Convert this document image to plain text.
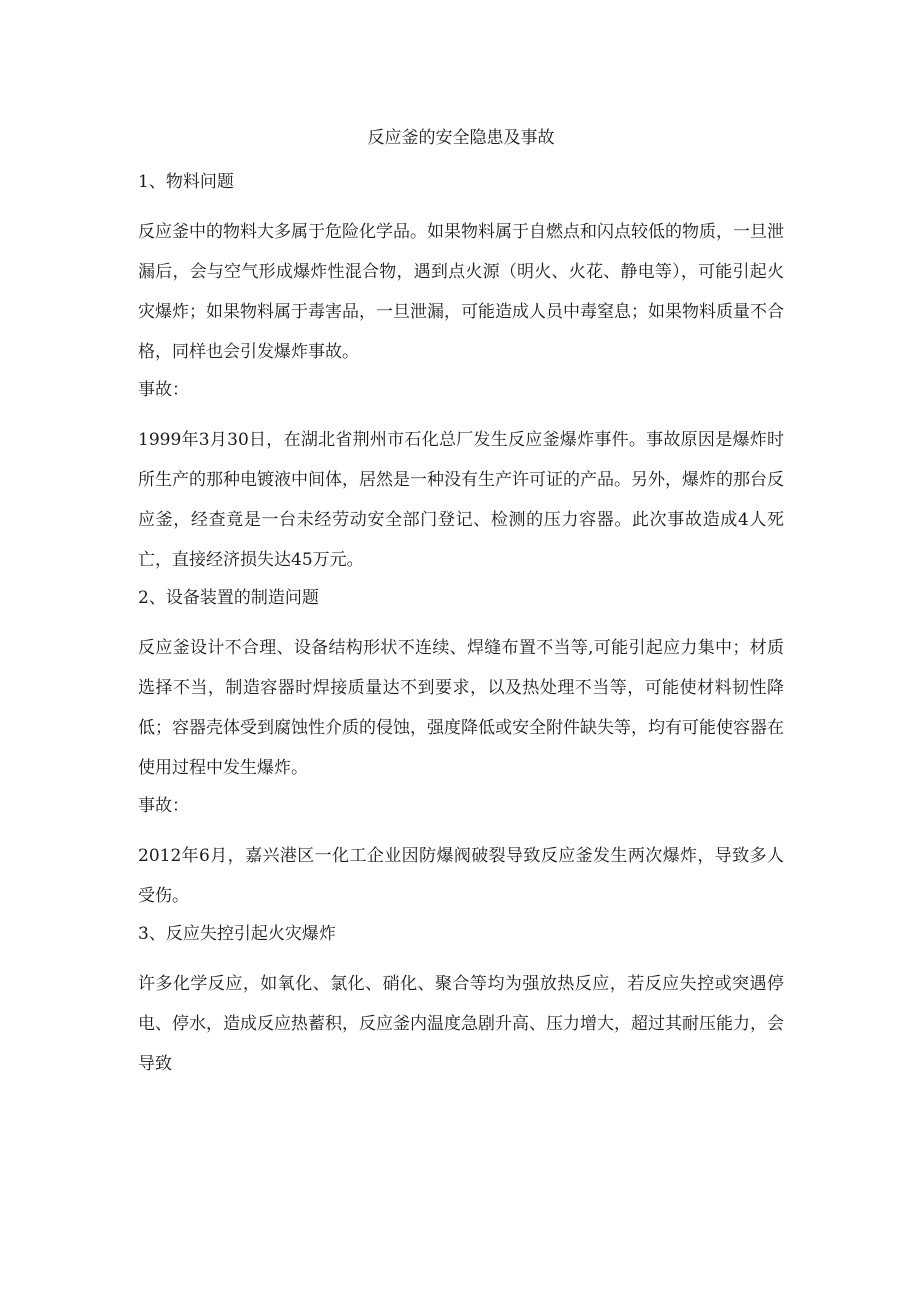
反应釜的安全隐患及事故

1、物料问题

反应釜中的物料大多属于危险化学品。如果物料属于自燃点和闪点较低的物质，一旦泄漏后，会与空气形成爆炸性混合物，遇到点火源（明火、火花、静电等），可能引起火灾爆炸；如果物料属于毒害品，一旦泄漏，可能造成人员中毒窒息；如果物料质量不合格，同样也会引发爆炸事故。

事故：

1999年3月30日，在湖北省荆州市石化总厂发生反应釜爆炸事件。事故原因是爆炸时所生产的那种电镀液中间体，居然是一种没有生产许可证的产品。另外，爆炸的那台反应釜，经查竟是一台未经劳动安全部门登记、检测的压力容器。此次事故造成4人死亡，直接经济损失达45万元。

2、设备装置的制造问题

反应釜设计不合理、设备结构形状不连续、焊缝布置不当等,可能引起应力集中；材质选择不当，制造容器时焊接质量达不到要求，以及热处理不当等，可能使材料韧性降低；容器壳体受到腐蚀性介质的侵蚀，强度降低或安全附件缺失等，均有可能使容器在使用过程中发生爆炸。

事故：

2012年6月，嘉兴港区一化工企业因防爆阀破裂导致反应釜发生两次爆炸，导致多人受伤。

3、反应失控引起火灾爆炸

许多化学反应，如氧化、氯化、硝化、聚合等均为强放热反应，若反应失控或突遇停电、停水，造成反应热蓄积，反应釜内温度急剧升高、压力增大，超过其耐压能力，会导致
